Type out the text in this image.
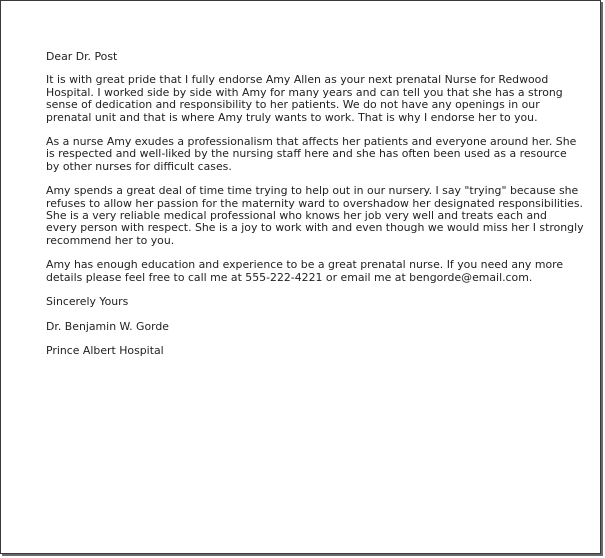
Dear Dr. Post
It is with great pride that I fully endorse Amy Allen as your next prenatal Nurse for Redwood
Hospital. I worked side by side with Amy for many years and can tell you that she has a strong
sense of dedication and responsibility to her patients. We do not have any openings in our
prenatal unit and that is where Amy truly wants to work. That is why I endorse her to you.
As a nurse Amy exudes a professionalism that affects her patients and everyone around her. She
is respected and well-liked by the nursing staff here and she has often been used as a resource
by other nurses for difficult cases.
Amy spends a great deal of time time trying to help out in our nursery. I say "trying" because she
refuses to allow her passion for the maternity ward to overshadow her designated responsibilities.
She is a very reliable medical professional who knows her job very well and treats each and
every person with respect. She is a joy to work with and even though we would miss her I strongly
recommend her to you.
Amy has enough education and experience to be a great prenatal nurse. If you need any more
details please feel free to call me at 555-222-4221 or email me at bengorde@email.com.
Sincerely Yours
Dr. Benjamin W. Gorde
Prince Albert Hospital
